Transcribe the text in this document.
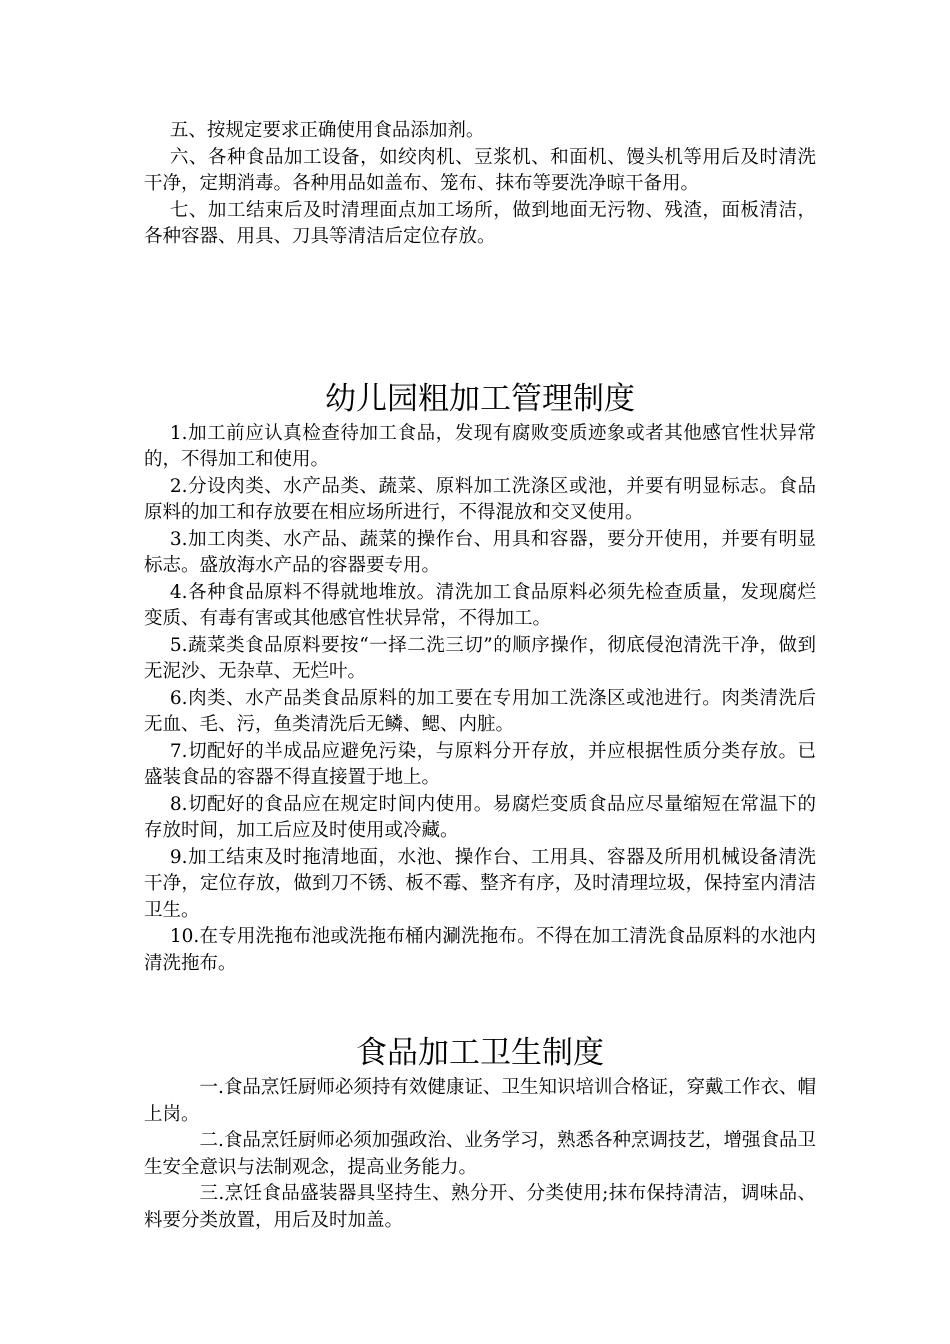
五、按规定要求正确使用食品添加剂。

六、各种食品加工设备，如绞肉机、豆浆机、和面机、馒头机等用后及时清洗干净，定期消毒。各种用品如盖布、笼布、抹布等要洗净晾干备用。

七、加工结束后及时清理面点加工场所，做到地面无污物、残渣，面板清洁，各种容器、用具、刀具等清洁后定位存放。

幼儿园粗加工管理制度

1.加工前应认真检查待加工食品，发现有腐败变质迹象或者其他感官性状异常的，不得加工和使用。

2.分设肉类、水产品类、蔬菜、原料加工洗涤区或池，并要有明显标志。食品原料的加工和存放要在相应场所进行，不得混放和交叉使用。

3.加工肉类、水产品、蔬菜的操作台、用具和容器，要分开使用，并要有明显标志。盛放海水产品的容器要专用。

4.各种食品原料不得就地堆放。清洗加工食品原料必须先检查质量，发现腐烂变质、有毒有害或其他感官性状异常，不得加工。

5.蔬菜类食品原料要按“一择二洗三切”的顺序操作，彻底侵泡清洗干净，做到无泥沙、无杂草、无烂叶。

6.肉类、水产品类食品原料的加工要在专用加工洗涤区或池进行。肉类清洗后无血、毛、污，鱼类清洗后无鳞、鳃、内脏。

7.切配好的半成品应避免污染，与原料分开存放，并应根据性质分类存放。已盛装食品的容器不得直接置于地上。

8.切配好的食品应在规定时间内使用。易腐烂变质食品应尽量缩短在常温下的存放时间，加工后应及时使用或冷藏。

9.加工结束及时拖清地面，水池、操作台、工用具、容器及所用机械设备清洗干净，定位存放，做到刀不锈、板不霉、整齐有序，及时清理垃圾，保持室内清洁卫生。

10.在专用洗拖布池或洗拖布桶内涮洗拖布。不得在加工清洗食品原料的水池内清洗拖布。

食品加工卫生制度

一.食品烹饪厨师必须持有效健康证、卫生知识培训合格证，穿戴工作衣、帽上岗。

二.食品烹饪厨师必须加强政治、业务学习，熟悉各种烹调技艺，增强食品卫生安全意识与法制观念，提高业务能力。

三.烹饪食品盛装器具坚持生、熟分开、分类使用;抹布保持清洁，调味品、料要分类放置，用后及时加盖。
